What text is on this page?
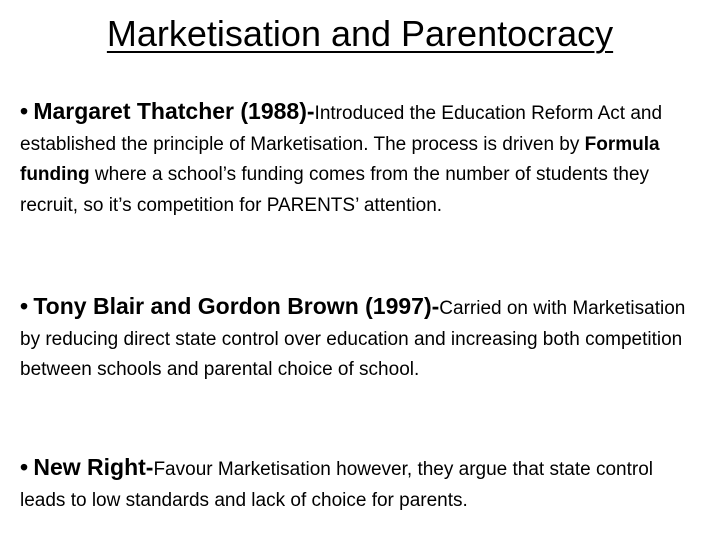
Marketisation and Parentocracy

• Margaret Thatcher (1988)-Introduced the Education Reform Act and established the principle of Marketisation. The process is driven by Formula funding where a school’s funding comes from the number of students they recruit, so it’s competition for PARENTS’ attention.

• Tony Blair and Gordon Brown (1997)-Carried on with Marketisation by reducing direct state control over education and increasing both competition between schools and parental choice of school.

• New Right-Favour Marketisation however, they argue that state control leads to low standards and lack of choice for parents.
